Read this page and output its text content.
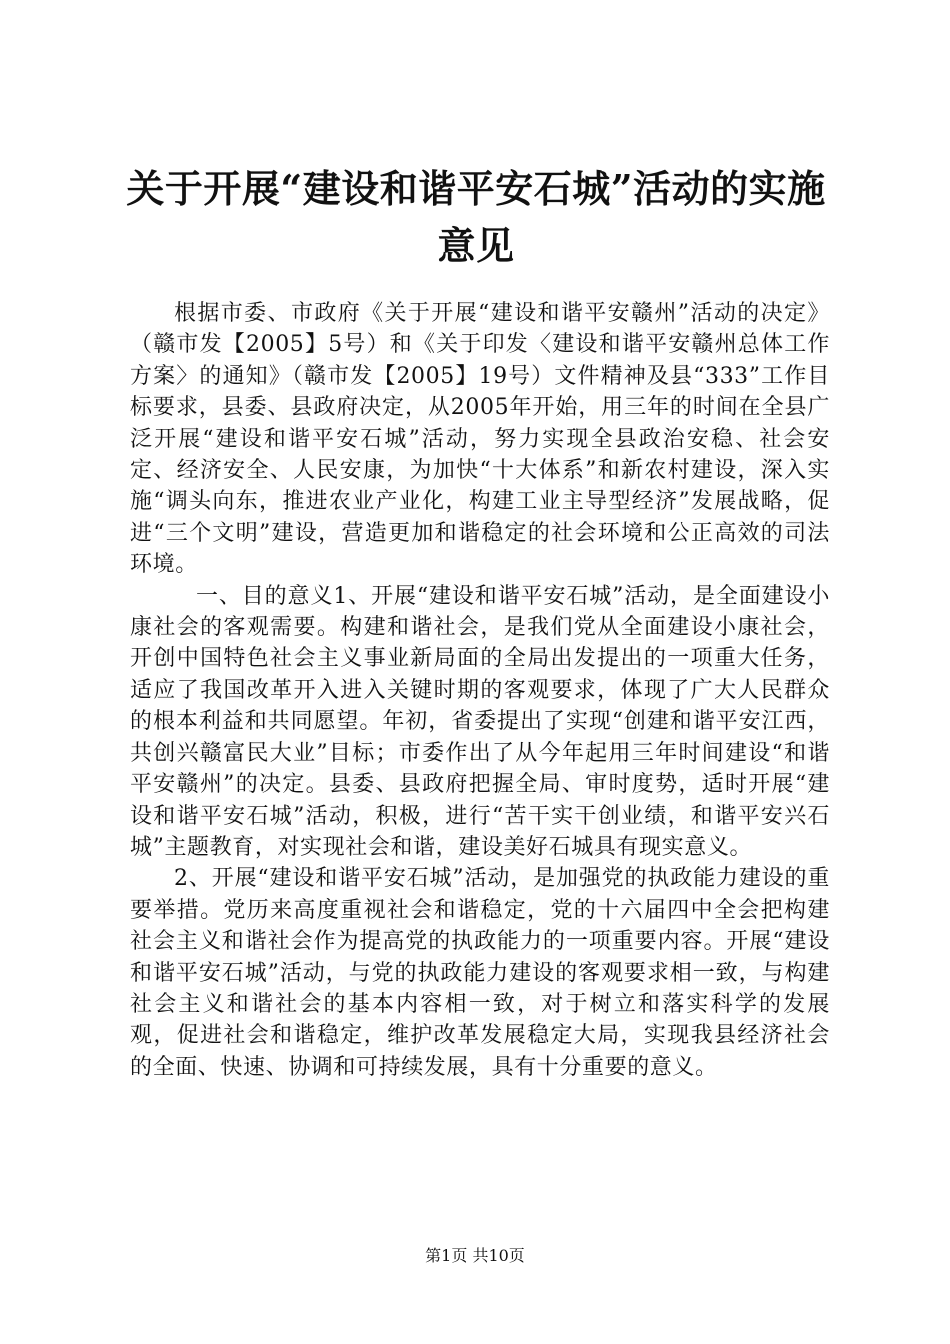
关于开展“建设和谐平安石城”活动的实施意见

根据市委、市政府《关于开展“建设和谐平安赣州”活动的决定》（赣市发【2005】5号）和《关于印发〈建设和谐平安赣州总体工作方案〉的通知》（赣市发【2005】19号）文件精神及县“333”工作目标要求，县委、县政府决定，从2005年开始，用三年的时间在全县广泛开展“建设和谐平安石城”活动，努力实现全县政治安稳、社会安定、经济安全、人民安康，为加快“十大体系”和新农村建设，深入实施“调头向东，推进农业产业化，构建工业主导型经济”发展战略，促进“三个文明”建设，营造更加和谐稳定的社会环境和公正高效的司法环境。

一、目的意义1、开展“建设和谐平安石城”活动，是全面建设小康社会的客观需要。构建和谐社会，是我们党从全面建设小康社会，开创中国特色社会主义事业新局面的全局出发提出的一项重大任务，适应了我国改革开入进入关键时期的客观要求，体现了广大人民群众的根本利益和共同愿望。年初，省委提出了实现“创建和谐平安江西，共创兴赣富民大业”目标；市委作出了从今年起用三年时间建设“和谐平安赣州”的决定。县委、县政府把握全局、审时度势，适时开展“建设和谐平安石城”活动，积极，进行“苦干实干创业绩，和谐平安兴石城”主题教育，对实现社会和谐，建设美好石城具有现实意义。

2、开展“建设和谐平安石城”活动，是加强党的执政能力建设的重要举措。党历来高度重视社会和谐稳定，党的十六届四中全会把构建社会主义和谐社会作为提高党的执政能力的一项重要内容。开展“建设和谐平安石城”活动，与党的执政能力建设的客观要求相一致，与构建社会主义和谐社会的基本内容相一致，对于树立和落实科学的发展观，促进社会和谐稳定，维护改革发展稳定大局，实现我县经济社会的全面、快速、协调和可持续发展，具有十分重要的意义。

第1页 共10页
